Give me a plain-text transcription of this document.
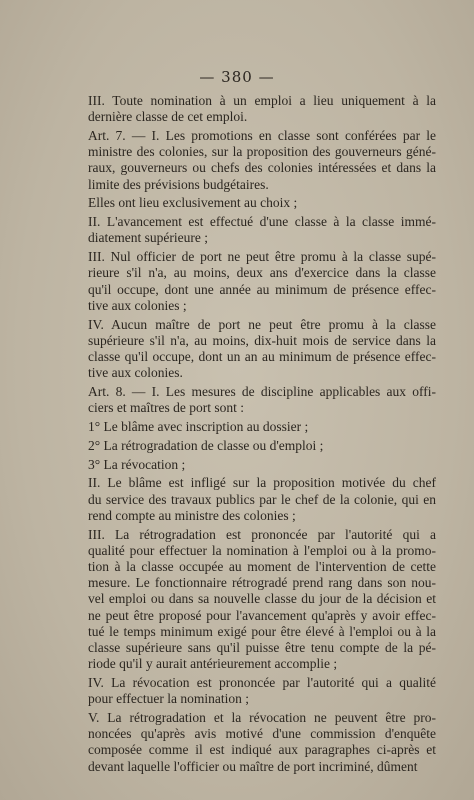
— 380 —

III. Toute nomination à un emploi a lieu uniquement à la
dernière classe de cet emploi.

Art. 7. — I. Les promotions en classe sont conférées par le
ministre des colonies, sur la proposition des gouverneurs géné-
raux, gouverneurs ou chefs des colonies intéressées et dans la
limite des prévisions budgétaires.

Elles ont lieu exclusivement au choix ;

II. L'avancement est effectué d'une classe à la classe immé-
diatement supérieure ;

III. Nul officier de port ne peut être promu à la classe supé-
rieure s'il n'a, au moins, deux ans d'exercice dans la classe
qu'il occupe, dont une année au minimum de présence effec-
tive aux colonies ;

IV. Aucun maître de port ne peut être promu à la classe
supérieure s'il n'a, au moins, dix-huit mois de service dans la
classe qu'il occupe, dont un an au minimum de présence effec-
tive aux colonies.

Art. 8. — I. Les mesures de discipline applicables aux offi-
ciers et maîtres de port sont :

1° Le blâme avec inscription au dossier ;

2° La rétrogradation de classe ou d'emploi ;

3° La révocation ;

II. Le blâme est infligé sur la proposition motivée du chef
du service des travaux publics par le chef de la colonie, qui en
rend compte au ministre des colonies ;

III. La rétrogradation est prononcée par l'autorité qui a
qualité pour effectuer la nomination à l'emploi ou à la promo-
tion à la classe occupée au moment de l'intervention de cette
mesure. Le fonctionnaire rétrogradé prend rang dans son nou-
vel emploi ou dans sa nouvelle classe du jour de la décision et
ne peut être proposé pour l'avancement qu'après y avoir effec-
tué le temps minimum exigé pour être élevé à l'emploi ou à la
classe supérieure sans qu'il puisse être tenu compte de la pé-
riode qu'il y aurait antérieurement accomplie ;

IV. La révocation est prononcée par l'autorité qui a qualité
pour effectuer la nomination ;

V. La rétrogradation et la révocation ne peuvent être pro-
noncées qu'après avis motivé d'une commission d'enquête
composée comme il est indiqué aux paragraphes ci-après et
devant laquelle l'officier ou maître de port incriminé, dûment
